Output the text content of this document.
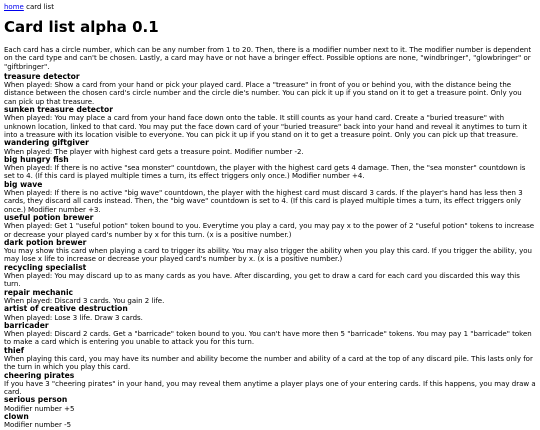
home card list
Card list alpha 0.1

Each card has a circle number, which can be any number from 1 to 20. Then, there is a modifier number next to it. The modifier number is dependent on the card type and can't be chosen. Lastly, a card may have or not have a bringer effect. Possible options are none, "windbringer", "glowbringer" or "giftbringer".

treasure detector
When played: Show a card from your hand or pick your played card. Place a "treasure" in front of you or behind you, with the distance being the distance between the chosen card's circle number and the circle die's number. You can pick it up if you stand on it to get a treasure point. Only you can pick up that treasure.
sunken treasure detector
When played: You may place a card from your hand face down onto the table. It still counts as your hand card. Create a "buried treasure" with unknown location, linked to that card. You may put the face down card of your "buried treasure" back into your hand and reveal it anytimes to turn it into a treasure with its location visible to everyone. You can pick it up if you stand on it to get a treasure point. Only you can pick up that treasure.
wandering giftgiver
When played: The player with highest card gets a treasure point. Modifier number -2.
big hungry fish
When played: If there is no active "sea monster" countdown, the player with the highest card gets 4 damage. Then, the "sea monster" countdown is set to 4. (If this card is played multiple times a turn, its effect triggers only once.) Modifier number +4.
big wave
When played: If there is no active "big wave" countdown, the player with the highest card must discard 3 cards. If the player's hand has less then 3 cards, they discard all cards instead. Then, the "big wave" countdown is set to 4. (If this card is played multiple times a turn, its effect triggers only once.) Modifier number +3.
useful potion brewer
When played: Get 1 "useful potion" token bound to you. Everytime you play a card, you may pay x to the power of 2 "useful potion" tokens to increase or decrease your played card's number by x for this turn. (x is a positive number.)
dark potion brewer
You may show this card when playing a card to trigger its ability. You may also trigger the ability when you play this card. If you trigger the ability, you may lose x life to increase or decrease your played card's number by x. (x is a positive number.)
recycling specialist
When played: You may discard up to as many cards as you have. After discarding, you get to draw a card for each card you discarded this way this turn.
repair mechanic
When played: Discard 3 cards. You gain 2 life.
artist of creative destruction
When played: Lose 3 life. Draw 3 cards.
barricader
When played: Discard 2 cards. Get a "barricade" token bound to you. You can't have more then 5 "barricade" tokens. You may pay 1 "barricade" token to make a card which is entering you unable to attack you for this turn.
thief
When playing this card, you may have its number and ability become the number and ability of a card at the top of any discard pile. This lasts only for the turn in which you play this card.
cheering pirates
If you have 3 "cheering pirates" in your hand, you may reveal them anytime a player plays one of your entering cards. If this happens, you may draw a card.
serious person
Modifier number +5
clown
Modifier number -5
